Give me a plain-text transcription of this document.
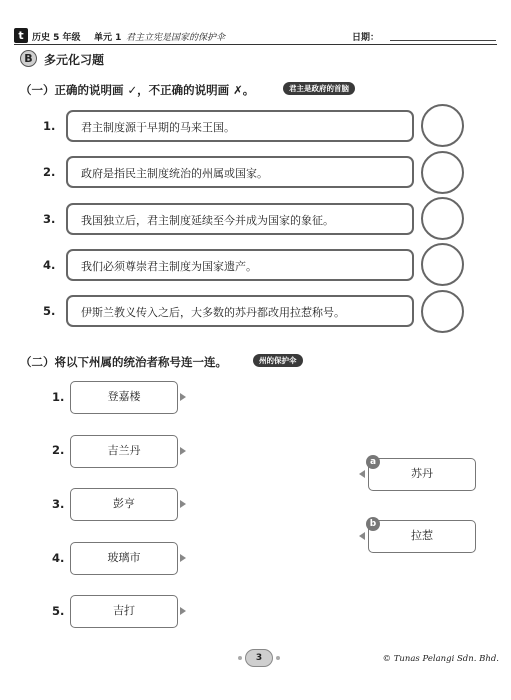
t 历史 5 年级 单元 1 君主立宪是国家的保护伞	日期：
B 多元化习题
（一）正确的说明画 ✓，不正确的说明画 ✗。	君主是政府的首脑
1. 君主制度源于早期的马来王国。
2. 政府是指民主制度统治的州属或国家。
3. 我国独立后，君主制度延续至今并成为国家的象征。
4. 我们必须尊崇君主制度为国家遗产。
5. 伊斯兰教义传入之后，大多数的苏丹都改用拉惹称号。
（二）将以下州属的统治者称号连一连。	州的保护伞
1.	登嘉楼
2.	吉兰丹
3.	彭亨
4.	玻璃市
5.	吉打
苏丹
a
拉惹
b
3	© Tunas Pelangi Sdn. Bhd.
